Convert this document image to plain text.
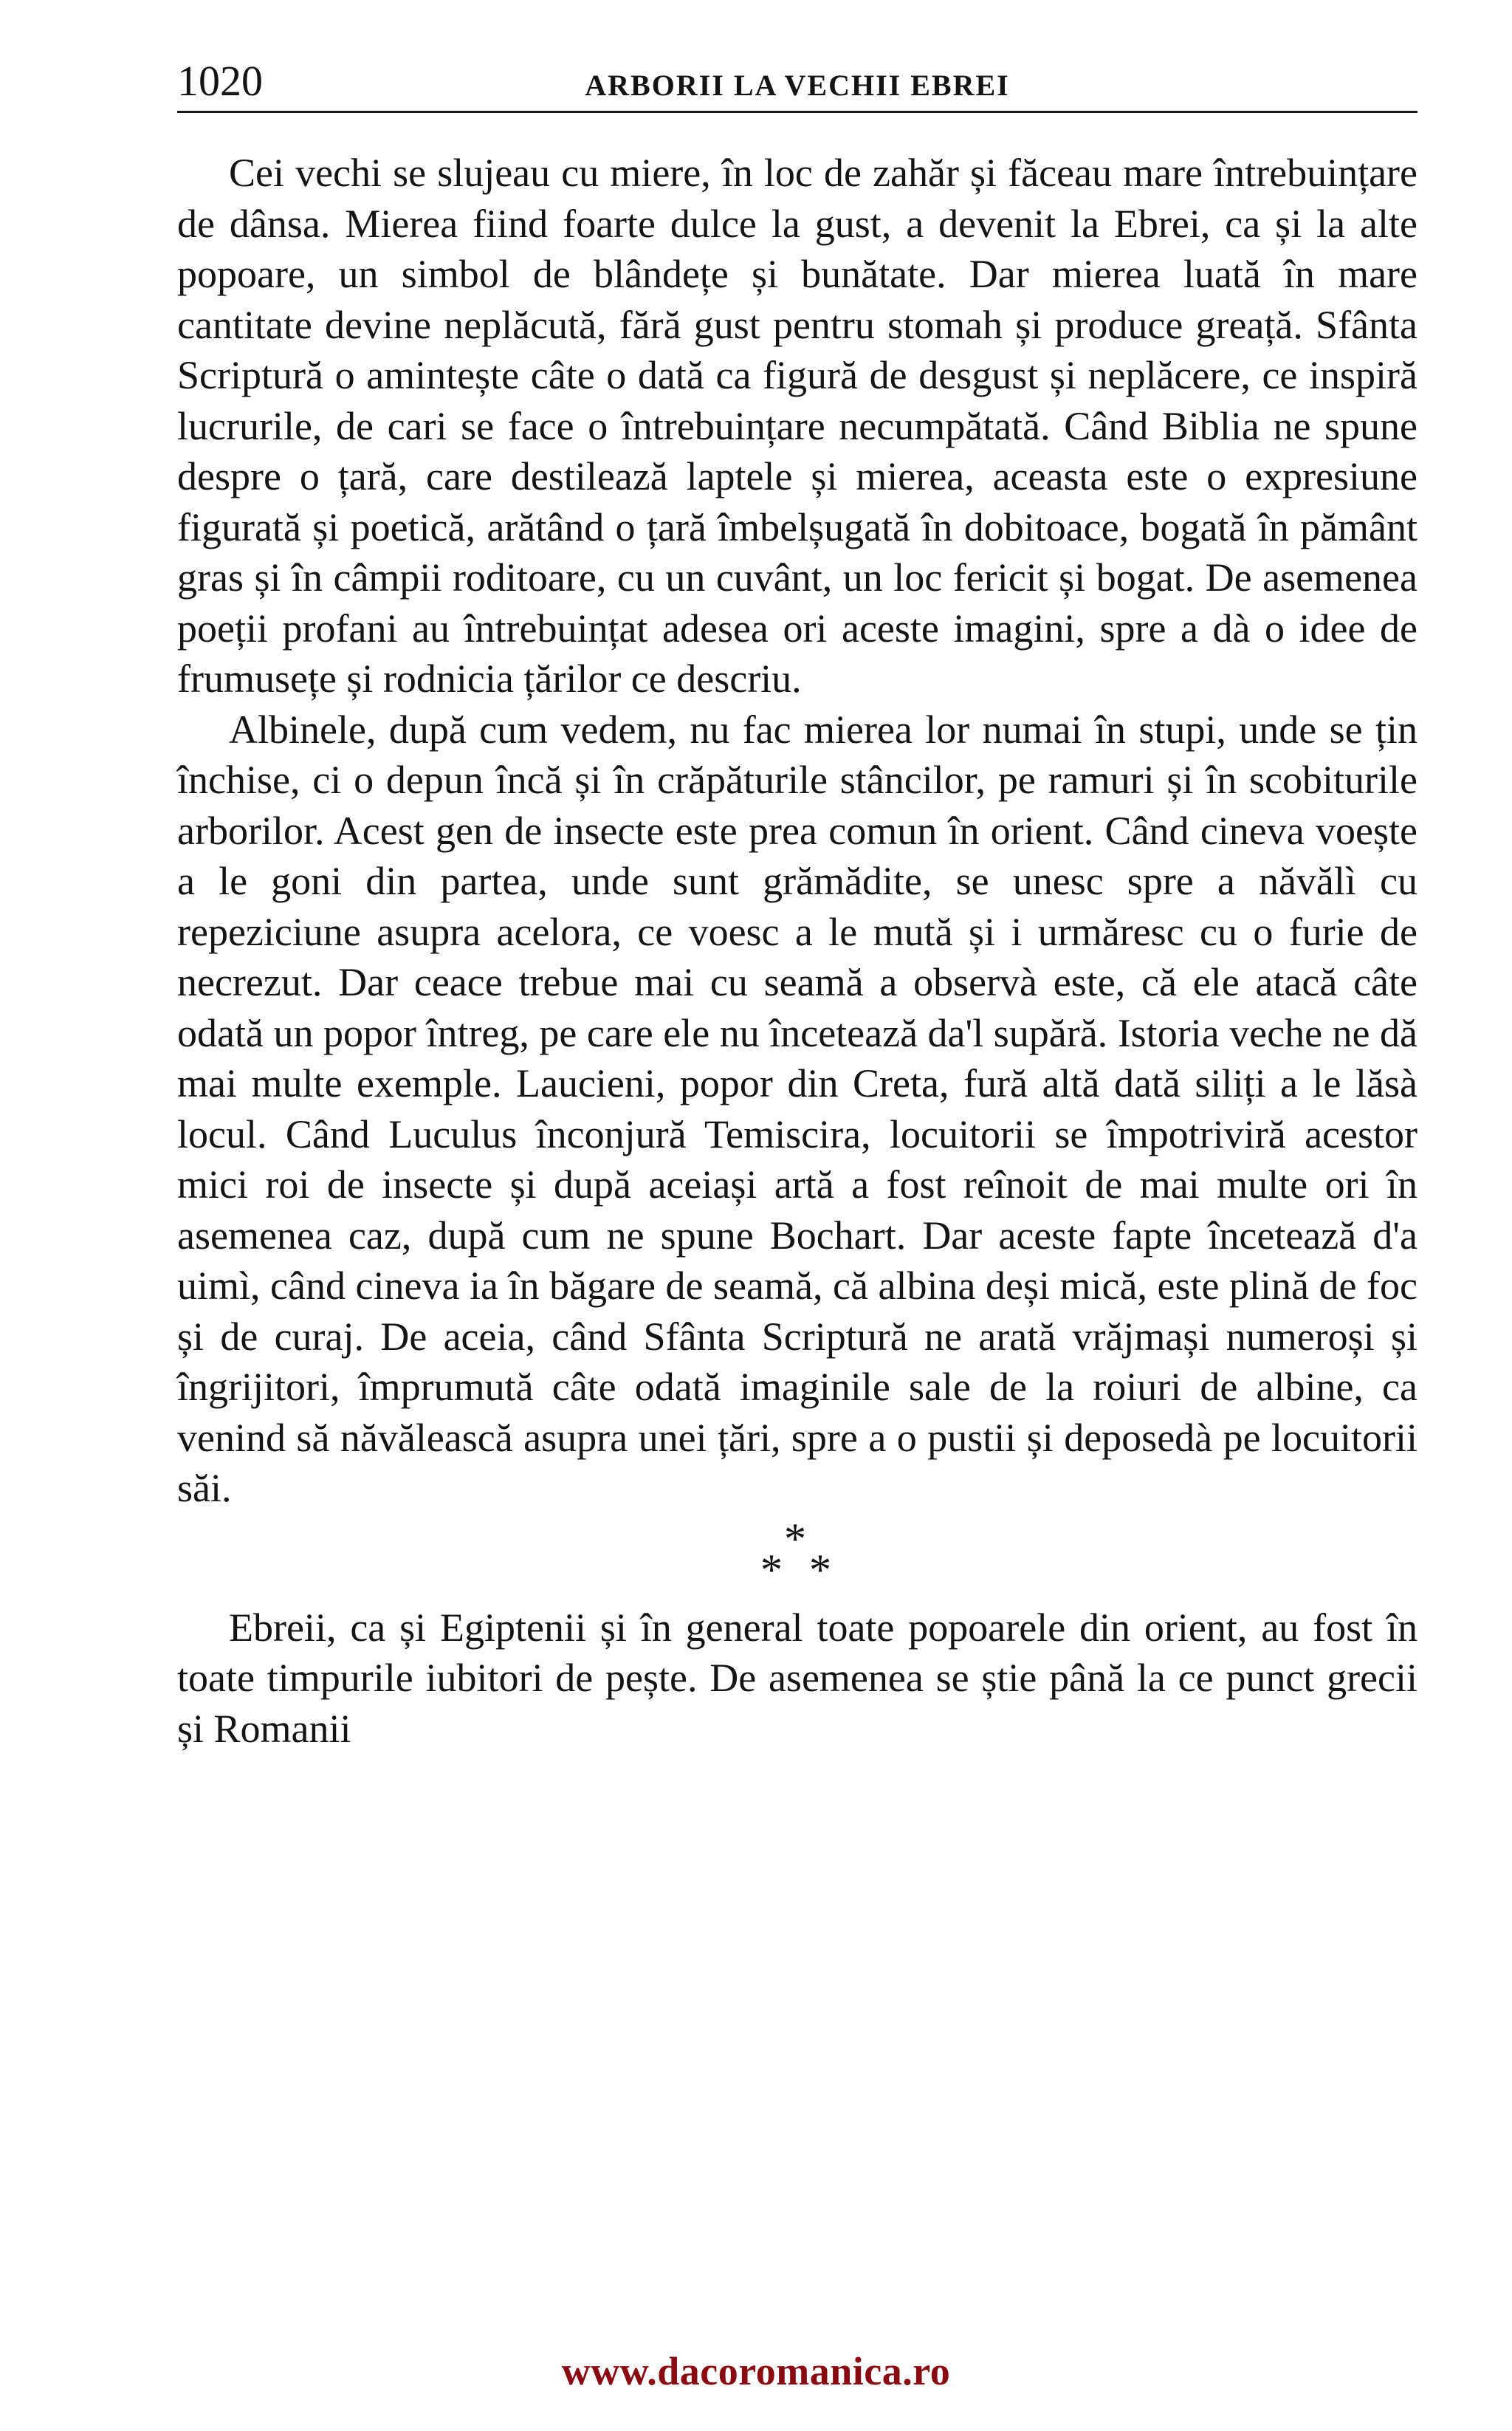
1020	ARBORII LA VECHII EBREI

Cei vechi se slujeau cu miere, în loc de zahăr și făceau mare întrebuințare de dânsa. Mierea fiind foarte dulce la gust, a devenit la Ebrei, ca și la alte popoare, un simbol de blândețe și bunătate. Dar mierea luată în mare cantitate devine neplăcută, fără gust pentru stomah și produce greață. Sfânta Scriptură o amintește câte o dată ca figură de desgust și neplăcere, ce inspiră lucrurile, de cari se face o întrebuințare necumpătată. Când Biblia ne spune despre o țară, care destilează laptele și mierea, aceasta este o expresiune figurată și poetică, arătând o țară îmbelșugată în dobitoace, bogată în pământ gras și în câmpii roditoare, cu un cuvânt, un loc fericit și bogat. De asemenea poeții profani au întrebuințat adesea ori aceste imagini, spre a dà o idee de frumusețe și rodnicia țărilor ce descriu.

Albinele, după cum vedem, nu fac mierea lor numai în stupi, unde se țin închise, ci o depun încă și în crăpăturile stâncilor, pe ramuri și în scobiturile arborilor. Acest gen de insecte este prea comun în orient. Când cineva voește a le goni din partea, unde sunt grămădite, se unesc spre a năvălì cu repeziciune asupra acelora, ce voesc a le mută și i urmăresc cu o furie de necrezut. Dar ceace trebue mai cu seamă a observà este, că ele atacă câte odată un popor întreg, pe care ele nu încetează da'l supără. Istoria veche ne dă mai multe exemple. Laucieni, popor din Creta, fură altă dată siliți a le lăsà locul. Când Luculus înconjură Temiscira, locuitorii se împotriviră acestor mici roi de insecte și după aceiași artă a fost reînoit de mai multe ori în asemenea caz, după cum ne spune Bochart. Dar aceste fapte încetează d'a uimì, când cineva ia în băgare de seamă, că albina deși mică, este plină de foc și de curaj. De aceia, când Sfânta Scriptură ne arată vrăjmași numeroși și îngrijitori, împrumută câte odată imaginile sale de la roiuri de albine, ca venind să năvălească asupra unei țări, spre a o pustii și deposedà pe locuitorii săi.

*
* *

Ebreii, ca și Egiptenii și în general toate popoarele din orient, au fost în toate timpurile iubitori de pește. De asemenea se știe până la ce punct grecii și Romanii

www.dacoromanica.ro
